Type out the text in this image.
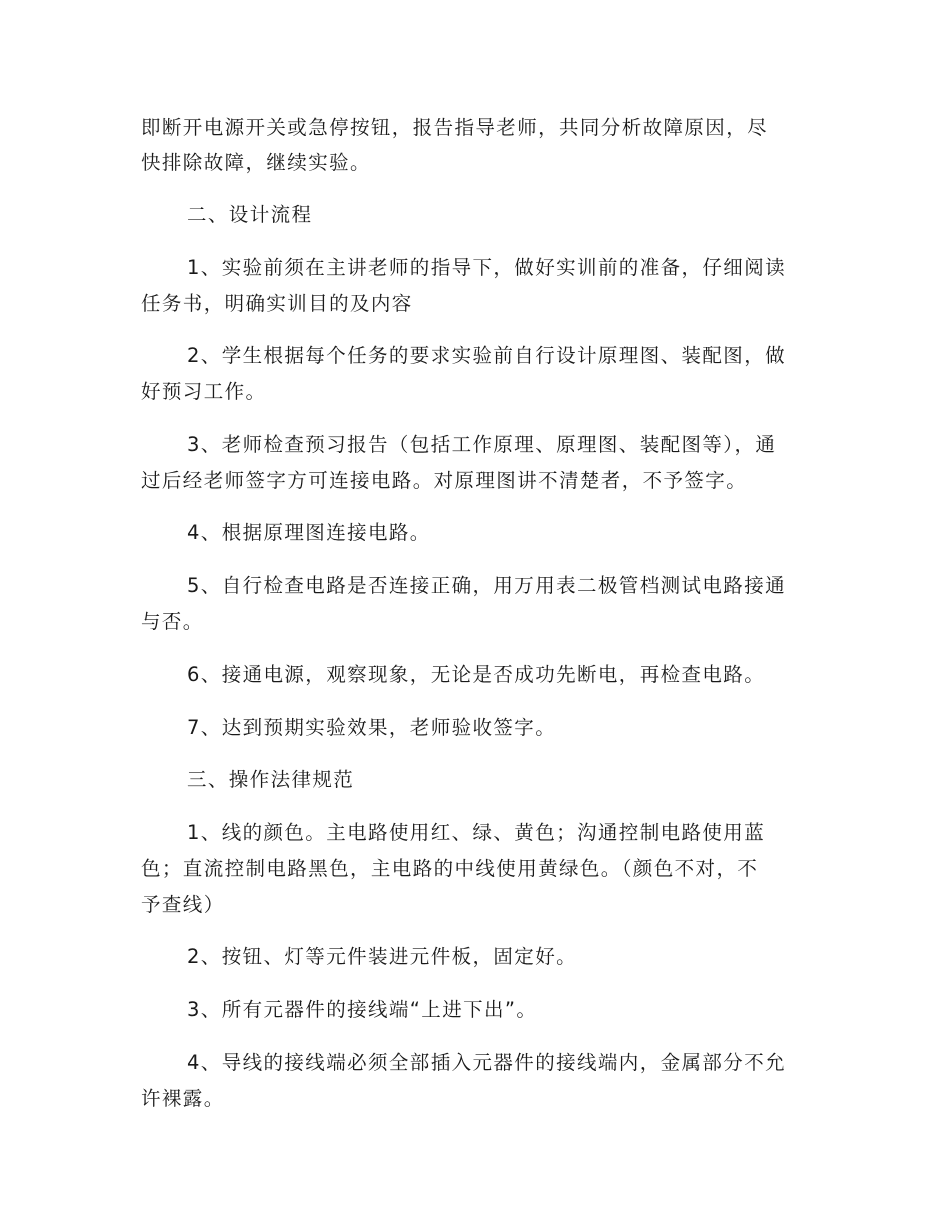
即断开电源开关或急停按钮，报告指导老师，共同分析故障原因，尽

快排除故障，继续实验。

二、设计流程

1、实验前须在主讲老师的指导下，做好实训前的准备，仔细阅读

任务书，明确实训目的及内容

2、学生根据每个任务的要求实验前自行设计原理图、装配图，做

好预习工作。

3、老师检查预习报告（包括工作原理、原理图、装配图等），通

过后经老师签字方可连接电路。对原理图讲不清楚者，不予签字。

4、根据原理图连接电路。

5、自行检查电路是否连接正确，用万用表二极管档测试电路接通

与否。

6、接通电源，观察现象，无论是否成功先断电，再检查电路。

7、达到预期实验效果，老师验收签字。

三、操作法律规范

1、线的颜色。主电路使用红、绿、黄色；沟通控制电路使用蓝

色；直流控制电路黑色，主电路的中线使用黄绿色。（颜色不对，不

予查线）

2、按钮、灯等元件装进元件板，固定好。

3、所有元器件的接线端“上进下出”。

4、导线的接线端必须全部插入元器件的接线端内，金属部分不允

许裸露。
